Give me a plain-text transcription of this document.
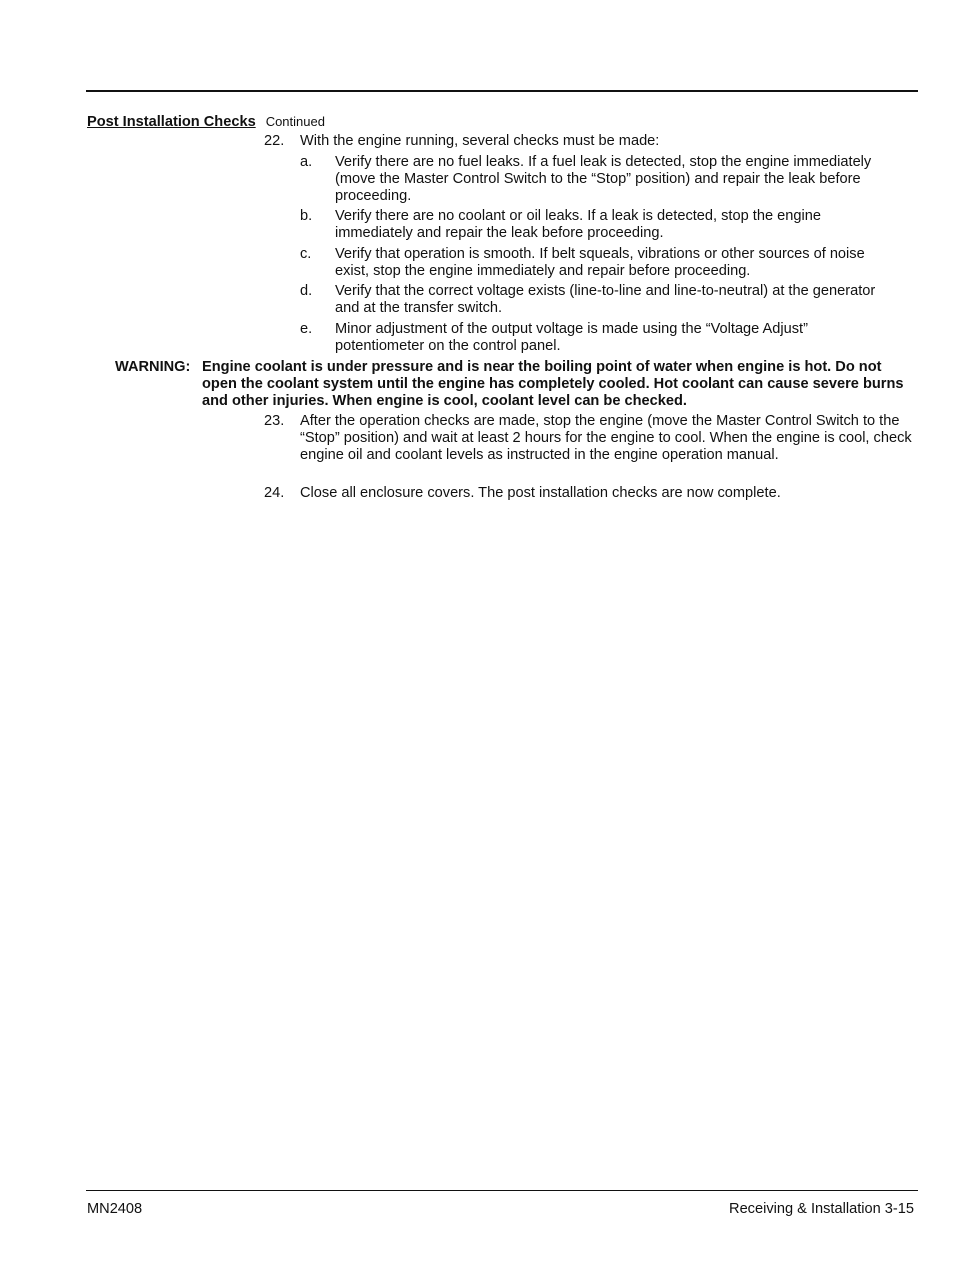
Post Installation Checks Continued
22. With the engine running, several checks must be made:
a. Verify there are no fuel leaks. If a fuel leak is detected, stop the engine immediately (move the Master Control Switch to the “Stop” position) and repair the leak before proceeding.
b. Verify there are no coolant or oil leaks. If a leak is detected, stop the engine immediately and repair the leak before proceeding.
c. Verify that operation is smooth. If belt squeals, vibrations or other sources of noise exist, stop the engine immediately and repair before proceeding.
d. Verify that the correct voltage exists (line-to-line and line-to-neutral) at the generator and at the transfer switch.
e. Minor adjustment of the output voltage is made using the “Voltage Adjust” potentiometer on the control panel.
WARNING: Engine coolant is under pressure and is near the boiling point of water when engine is hot. Do not open the coolant system until the engine has completely cooled. Hot coolant can cause severe burns and other injuries. When engine is cool, coolant level can be checked.
23. After the operation checks are made, stop the engine (move the Master Control Switch to the “Stop” position) and wait at least 2 hours for the engine to cool. When the engine is cool, check engine oil and coolant levels as instructed in the engine operation manual.
24. Close all enclosure covers. The post installation checks are now complete.
MN2408	Receiving & Installation 3-15
